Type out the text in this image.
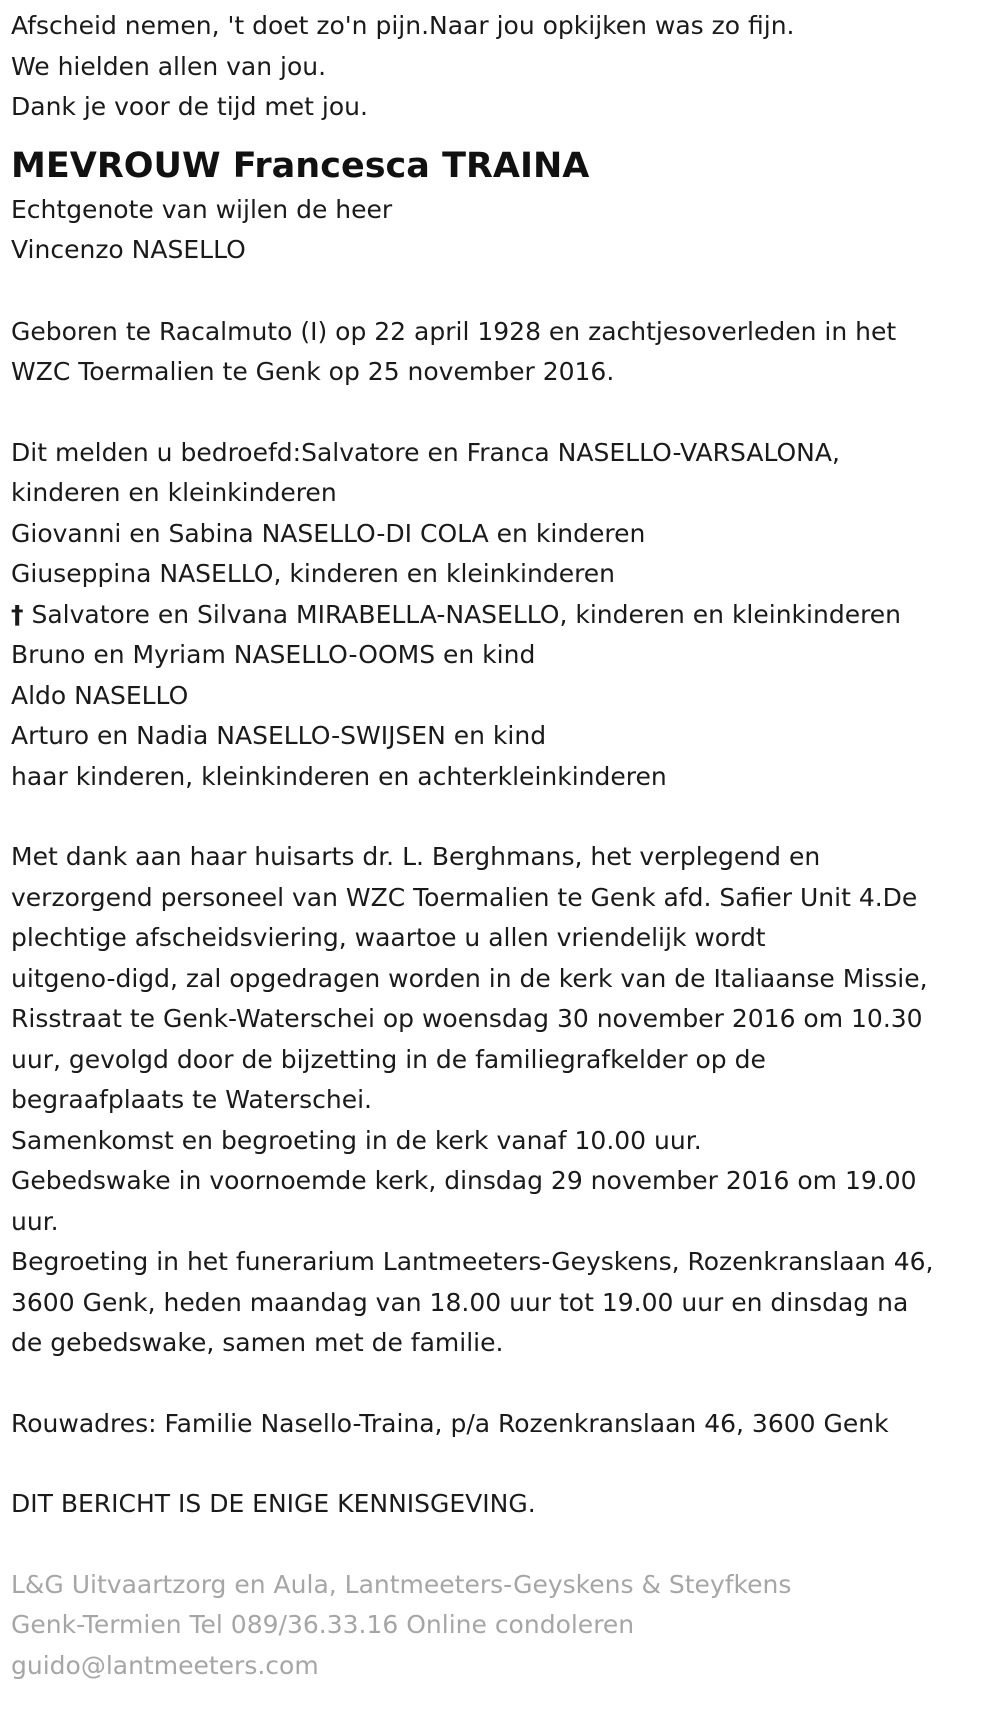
Afscheid nemen, 't doet zo'n pijn.Naar jou opkijken was zo fijn.

We hielden allen van jou.

Dank je voor de tijd met jou.

MEVROUW Francesca TRAINA

Echtgenote van wijlen de heer

Vincenzo NASELLO

Geboren te Racalmuto (I) op 22 april 1928 en zachtjesoverleden in het

WZC Toermalien te Genk op 25 november 2016.

Dit melden u bedroefd:Salvatore en Franca NASELLO-VARSALONA,

kinderen en kleinkinderen

Giovanni en Sabina NASELLO-DI COLA en kinderen

Giuseppina NASELLO, kinderen en kleinkinderen

† Salvatore en Silvana MIRABELLA-NASELLO, kinderen en kleinkinderen

Bruno en Myriam NASELLO-OOMS en kind

Aldo NASELLO

Arturo en Nadia NASELLO-SWIJSEN en kind

haar kinderen, kleinkinderen en achterkleinkinderen

Met dank aan haar huisarts dr. L. Berghmans, het verplegend en

verzorgend personeel van WZC Toermalien te Genk afd. Safier Unit 4.De

plechtige afscheidsviering, waartoe u allen vriendelijk wordt

uitgeno-digd, zal opgedragen worden in de kerk van de Italiaanse Missie,

Risstraat te Genk-Waterschei op woensdag 30 november 2016 om 10.30

uur, gevolgd door de bijzetting in de familiegrafkelder op de

begraafplaats te Waterschei.

Samenkomst en begroeting in de kerk vanaf 10.00 uur.

Gebedswake in voornoemde kerk, dinsdag 29 november 2016 om 19.00

uur.

Begroeting in het funerarium Lantmeeters-Geyskens, Rozenkranslaan 46,

3600 Genk, heden maandag van 18.00 uur tot 19.00 uur en dinsdag na

de gebedswake, samen met de familie.

Rouwadres: Familie Nasello-Traina, p/a Rozenkranslaan 46, 3600 Genk

DIT BERICHT IS DE ENIGE KENNISGEVING.

L&G Uitvaartzorg en Aula, Lantmeeters-Geyskens & Steyfkens

Genk-Termien Tel 089/36.33.16 Online condoleren

guido@lantmeeters.com
